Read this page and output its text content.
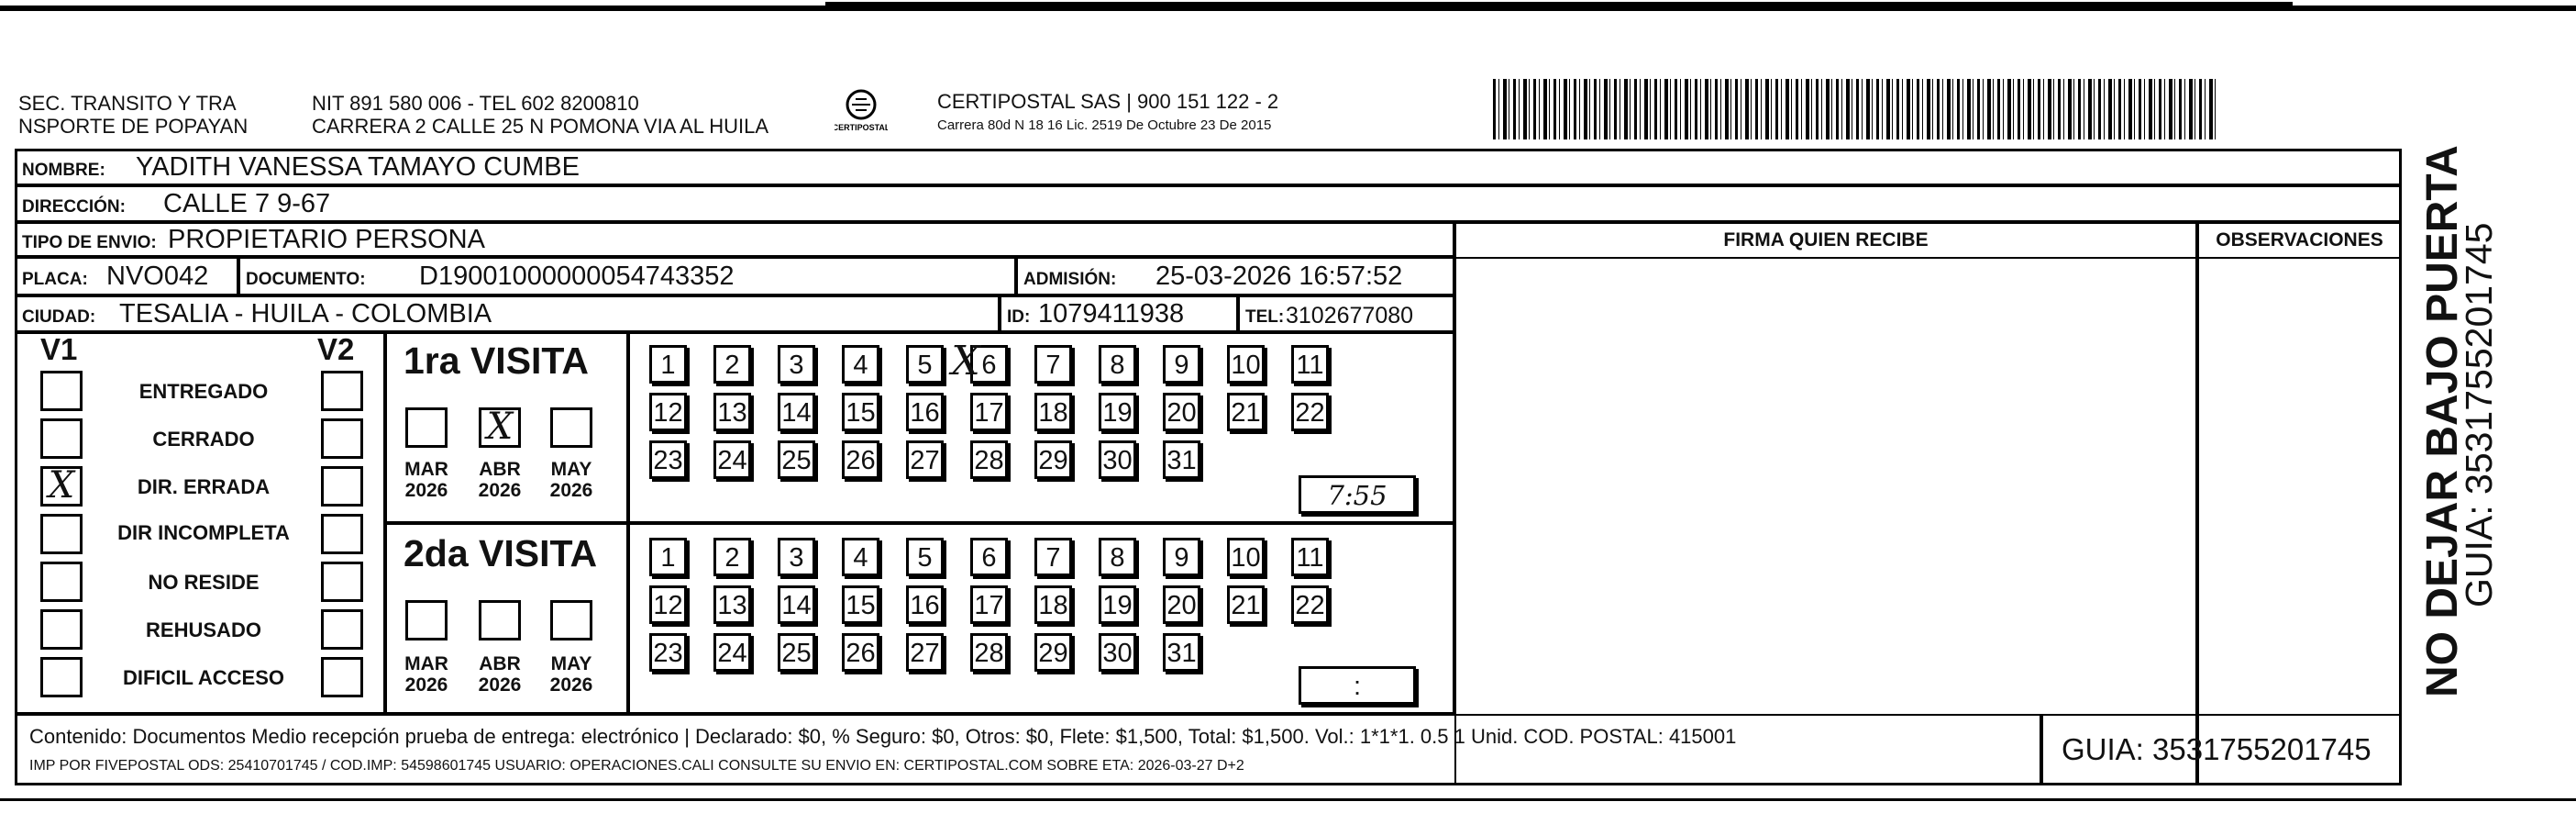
SEC. TRANSITO Y TRA
NSPORTE DE POPAYAN
NIT 891 580 006 - TEL 602 8200810
CARRERA 2 CALLE 25 N POMONA VIA AL HUILA	CERTIPOSTAL
CERTIPOSTAL SAS | 900 151 122 - 2
Carrera 80d N 18 16 Lic. 2519 De Octubre 23 De 2015
NOMBRE: YADITH VANESSA TAMAYO CUMBE
DIRECCIÓN: CALLE 7 9-67
TIPO DE ENVIO: PROPIETARIO PERSONA
PLACA: NVO042 DOCUMENTO: D19001000000054743352	ADMISIÓN: 25-03-2026 16:57:52
CIUDAD: TESALIA - HUILA - COLOMBIA	ID: 1079411938	TEL: 3102677080
FIRMA QUIEN RECIBE	OBSERVACIONES
V1	V2
ENTREGADO
CERRADO
X	DIR. ERRADA
DIR INCOMPLETA
NO RESIDE
REHUSADO
DIFICIL ACCESO
1ra VISITA
2da VISITA
X
MAR
2026
ABR
2026
MAY
2026
MAR
2026
ABR
2026
MAY
2026
1	2	3	4	5	6	7	8	9	10 11
12 13 14 15 16 17 18 19 20 21 22
23 24 25 26 27 28 29 30 31
1	2	3	4	5	6	7	8	9	10 11
12 13 14 15 16 17 18 19 20 21 22
23 24 25 26 27 28 29 30 31
7:55
:
X
Contenido: Documentos Medio recepción prueba de entrega: electrónico | Declarado: $0, % Seguro: $0, Otros: $0, Flete: $1,500, Total: $1,500. Vol.: 1*1*1. 0.5 1 Unid. COD. POSTAL: 415001
IMP POR FIVEPOSTAL ODS: 25410701745 / COD.IMP: 54598601745 USUARIO: OPERACIONES.CALI CONSULTE SU ENVIO EN: CERTIPOSTAL.COM SOBRE ETA: 2026-03-27 D+2	GUIA: 3531755201745
NO DEJAR BAJO PUERTA
GUIA: 3531755201745
